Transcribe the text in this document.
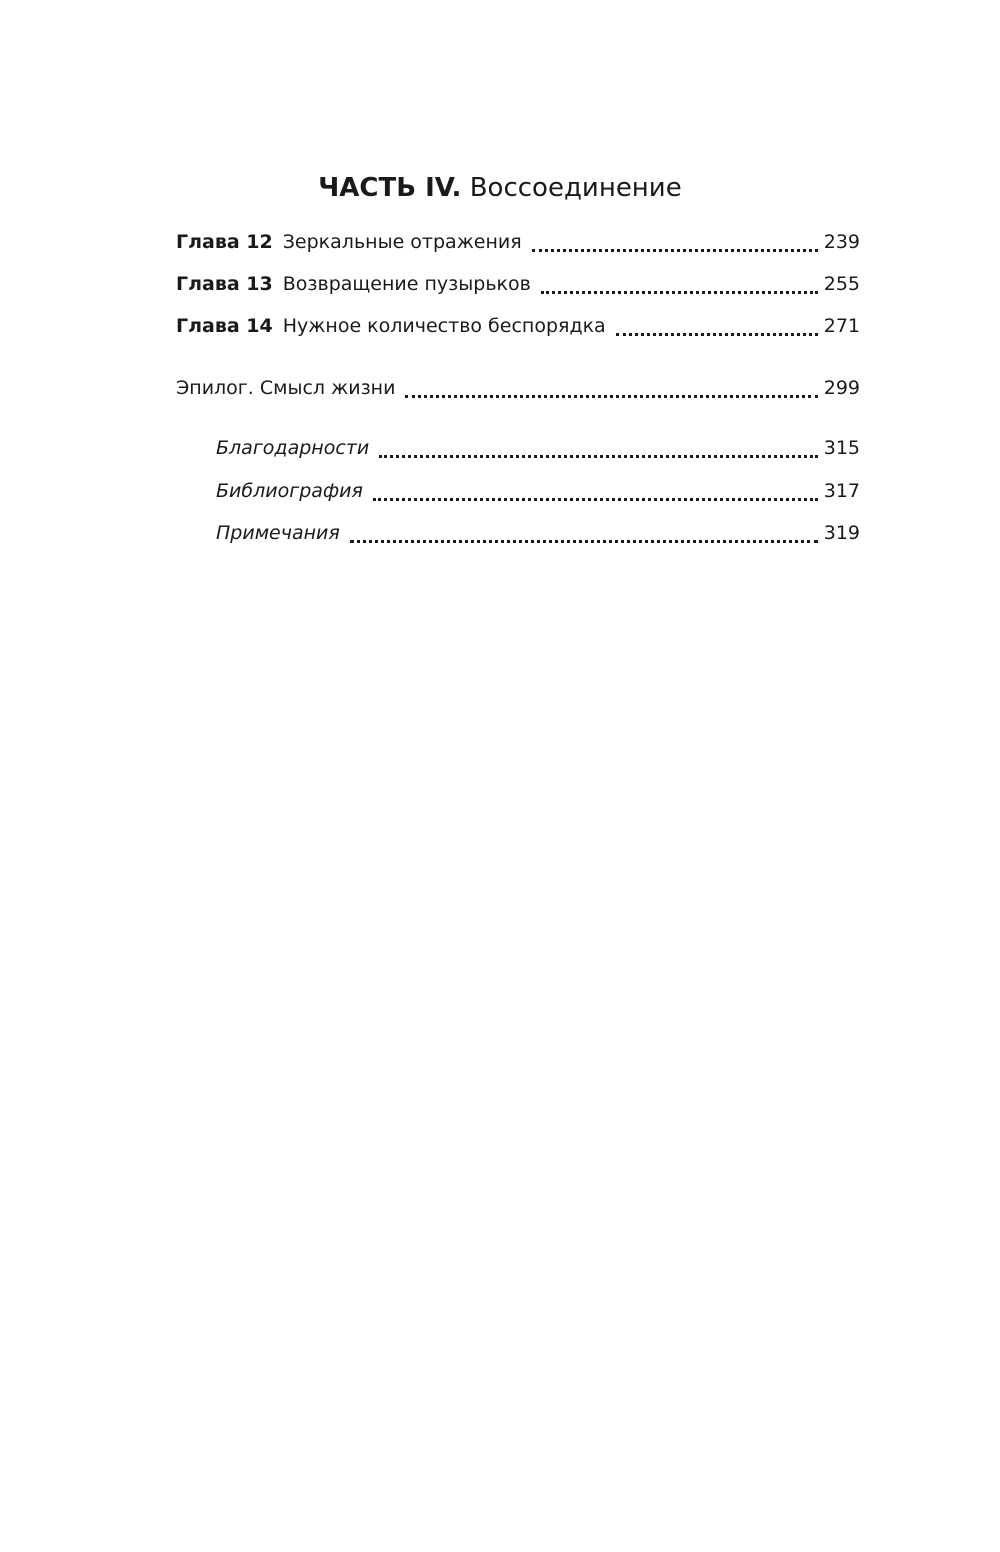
ЧАСТЬ IV. Воссоединение
Глава 12 Зеркальные отражения	239
Глава 13 Возвращение пузырьков	255
Глава 14 Нужное количество беспорядка	271
Эпилог. Смысл жизни	299
Благодарности	315
Библиография	317
Примечания	319
